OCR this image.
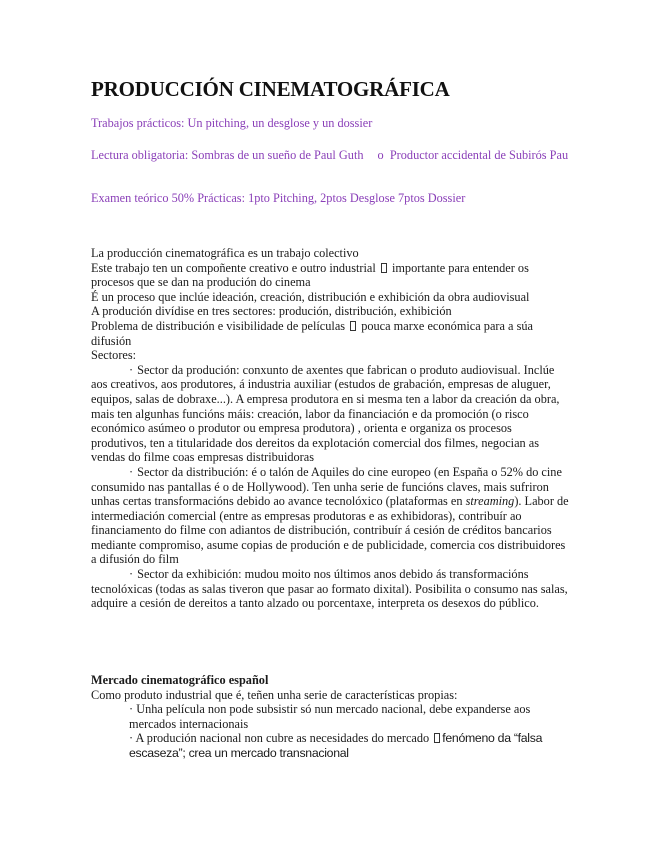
PRODUCCIÓN CINEMATOGRÁFICA

Trabajos prácticos: Un pitching, un desglose y un dossier

Lectura obligatoria: Sombras de un sueño de Paul Guth o Productor accidental de Subirós Pau

Examen teórico 50% Prácticas: 1pto Pitching, 2ptos Desglose 7ptos Dossier

La producción cinematográfica es un trabajo colectivo

Este trabajo ten un compoñente creativo e outro industrial importante para entender os procesos que se dan na produción do cinema

É un proceso que inclúe ideación, creación, distribución e exhibición da obra audiovisual

A produción divídise en tres sectores: produción, distribución, exhibición

Problema de distribución e visibilidade de películas pouca marxe económica para a súa difusión

Sectores:

· Sector da produción: conxunto de axentes que fabrican o produto audiovisual. Inclúe aos creativos, aos produtores, á industria auxiliar (estudos de grabación, empresas de aluguer, equipos, salas de dobraxe...). A empresa produtora en si mesma ten a labor da creación da obra, mais ten algunhas funcións máis: creación, labor da financiación e da promoción (o risco económico asúmeo o produtor ou empresa produtora) , orienta e organiza os procesos produtivos, ten a titularidade dos dereitos da explotación comercial dos filmes, negocian as vendas do filme coas empresas distribuidoras

· Sector da distribución: é o talón de Aquiles do cine europeo (en España o 52% do cine consumido nas pantallas é o de Hollywood). Ten unha serie de funcións claves, mais sufriron unhas certas transformacións debido ao avance tecnolóxico (plataformas en streaming). Labor de intermediación comercial (entre as empresas produtoras e as exhibidoras), contribuír ao financiamento do filme con adiantos de distribución, contribuír á cesión de créditos bancarios mediante compromiso, asume copias de produción e de publicidade, comercia cos distribuidores a difusión do film

· Sector da exhibición: mudou moito nos últimos anos debido ás transformacións tecnolóxicas (todas as salas tiveron que pasar ao formato dixital). Posibilita o consumo nas salas, adquire a cesión de dereitos a tanto alzado ou porcentaxe, interpreta os desexos do público.

Mercado cinematográfico español

Como produto industrial que é, teñen unha serie de características propias:

· Unha película non pode subsistir só nun mercado nacional, debe expanderse aos mercados internacionais

· A produción nacional non cubre as necesidades do mercado fenómeno da “falsa escaseza”; crea un mercado transnacional
